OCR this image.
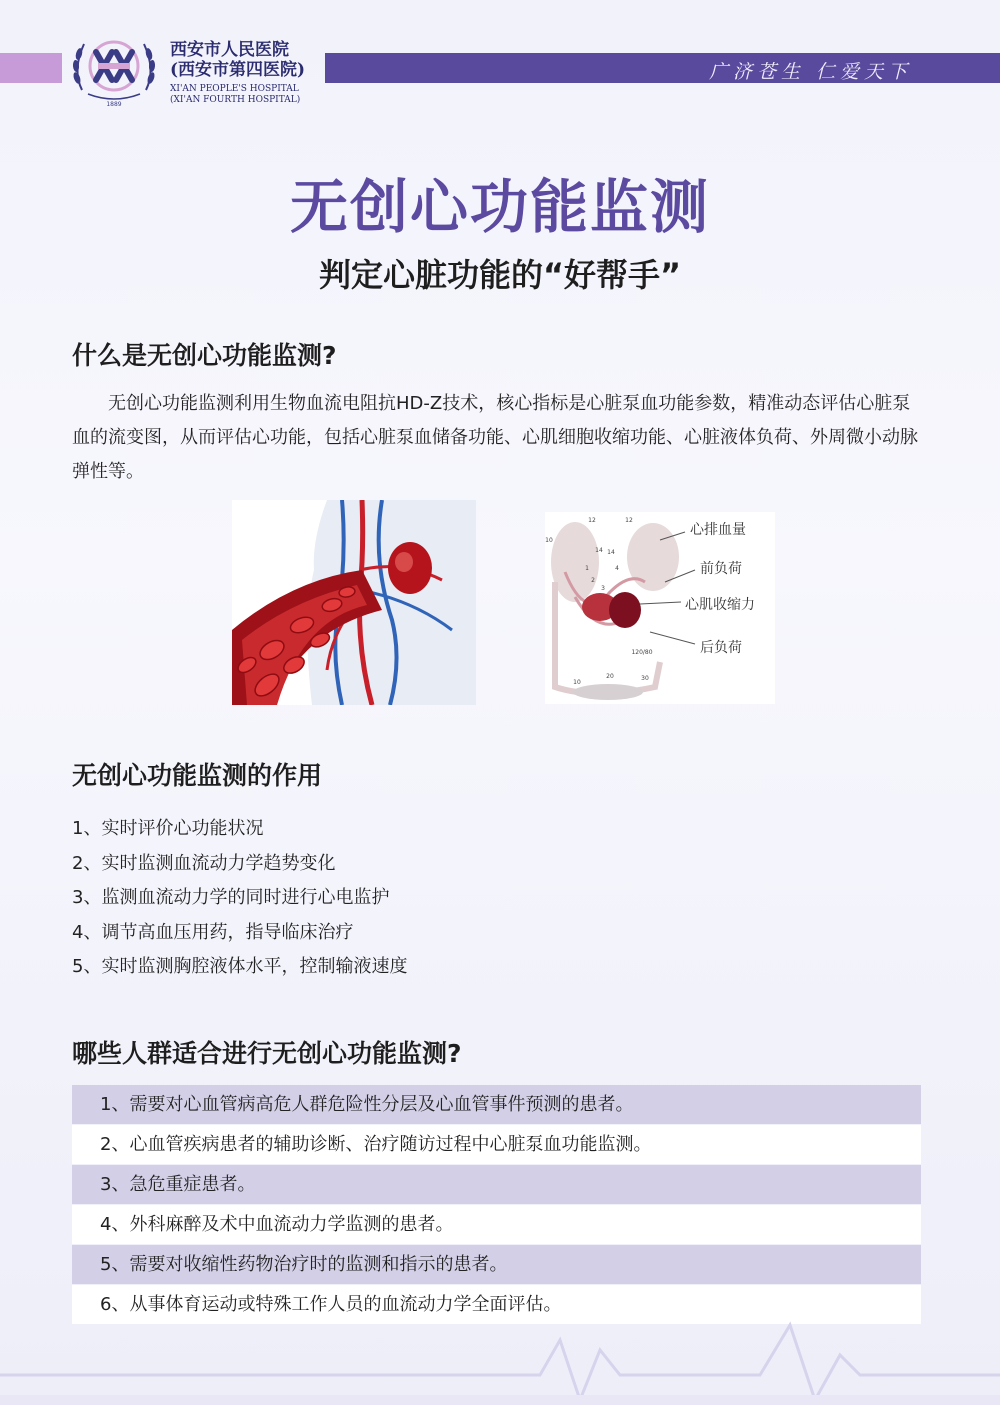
广济苍生 仁爱天下
1889
西安市人民医院
(西安市第四医院)
XI'AN PEOPLE'S HOSPITAL
(XI'AN FOURTH HOSPITAL)
无创心功能监测
判定心脏功能的“好帮手”
什么是无创心功能监测?
无创心功能监测利用生物血流电阻抗HD-Z技术，核心指标是心脏泵血功能参数，精准动态评估心脏泵血的流变图，从而评估心功能，包括心脏泵血储备功能、心肌细胞收缩功能、心脏液体负荷、外周微小动脉弹性等。
12	12
10
14 14
2
1	4
3
120/80
10
20	30
心排血量
前负荷
心肌收缩力
后负荷
无创心功能监测的作用
1、实时评价心功能状况
2、实时监测血流动力学趋势变化
3、监测血流动力学的同时进行心电监护
4、调节高血压用药，指导临床治疗
5、实时监测胸腔液体水平，控制输液速度
哪些人群适合进行无创心功能监测?
1、需要对心血管病高危人群危险性分层及心血管事件预测的患者。
2、心血管疾病患者的辅助诊断、治疗随访过程中心脏泵血功能监测。
3、急危重症患者。
4、外科麻醉及术中血流动力学监测的患者。
5、需要对收缩性药物治疗时的监测和指示的患者。
6、从事体育运动或特殊工作人员的血流动力学全面评估。
